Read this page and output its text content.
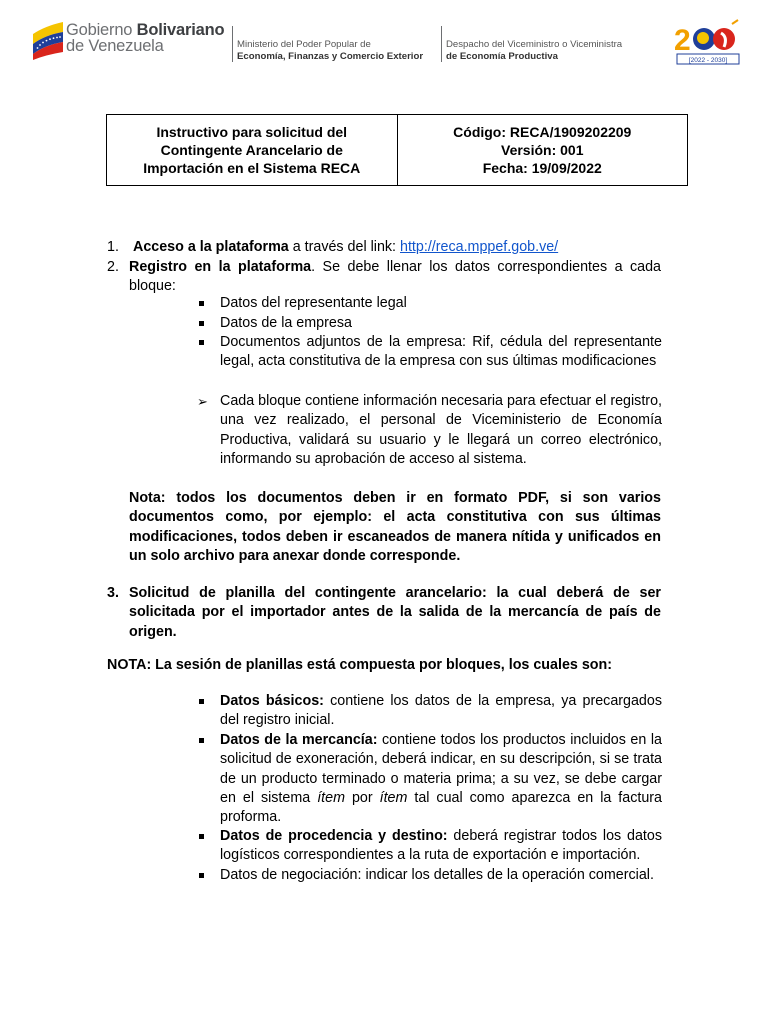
Gobierno Bolivariano
de Venezuela	Ministerio del Poder Popular de
Economía, Finanzas y Comercio Exterior
Despacho del Viceministro o Viceministra
de Economía Productiva	2
[2022 - 2030]
Instructivo para solicitud del
Contingente Arancelario de
Importación en el Sistema RECA
Código: RECA/1909202209
Versión: 001
Fecha: 19/09/2022
1. Acceso a la plataforma a través del link: http://reca.mppef.gob.ve/
2. Registro en la plataforma. Se debe llenar los datos correspondientes a cada bloque:
Datos del representante legal
Datos de la empresa
Documentos adjuntos de la empresa: Rif, cédula del representante legal, acta constitutiva de la empresa con sus últimas modificaciones
➢ Cada bloque contiene información necesaria para efectuar el registro, una vez realizado, el personal de Viceministerio de Economía Productiva, validará su usuario y le llegará un correo electrónico, informando su aprobación de acceso al sistema.
Nota: todos los documentos deben ir en formato PDF, si son varios documentos como, por ejemplo: el acta constitutiva con sus últimas modificaciones, todos deben ir escaneados de manera nítida y unificados en un solo archivo para anexar donde corresponde.
3. Solicitud de planilla del contingente arancelario: la cual deberá de ser solicitada por el importador antes de la salida de la mercancía de país de origen.
NOTA: La sesión de planillas está compuesta por bloques, los cuales son:
Datos básicos: contiene los datos de la empresa, ya precargados del registro inicial.
Datos de la mercancía: contiene todos los productos incluidos en la solicitud de exoneración, deberá indicar, en su descripción, si se trata de un producto terminado o materia prima; a su vez, se debe cargar en el sistema ítem por ítem tal cual como aparezca en la factura proforma.
Datos de procedencia y destino: deberá registrar todos los datos logísticos correspondientes a la ruta de exportación e importación.
Datos de negociación: indicar los detalles de la operación comercial.
